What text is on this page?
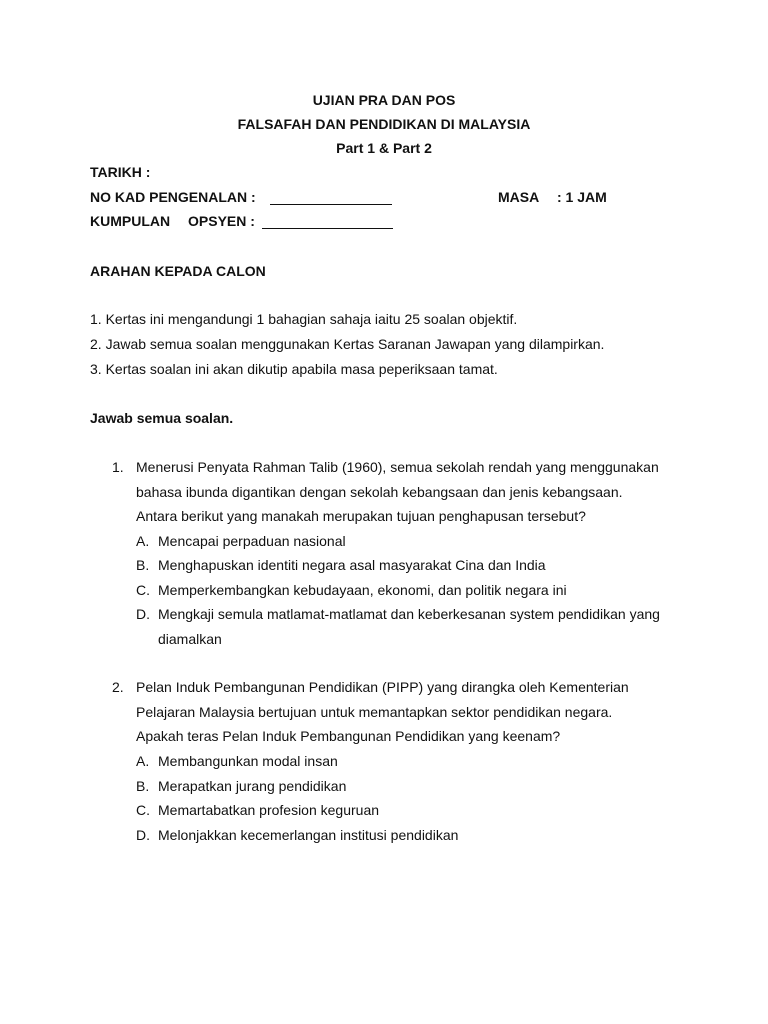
UJIAN PRA DAN POS
FALSAFAH DAN PENDIDIKAN DI MALAYSIA
Part 1 & Part 2
TARIKH :
NO KAD PENGENALAN :	MASA : 1 JAM
KUMPULAN OPSYEN :
ARAHAN KEPADA CALON
1. Kertas ini mengandungi 1 bahagian sahaja iaitu 25 soalan objektif.
2. Jawab semua soalan menggunakan Kertas Saranan Jawapan yang dilampirkan.
3. Kertas soalan ini akan dikutip apabila masa peperiksaan tamat.
Jawab semua soalan.
1. Menerusi Penyata Rahman Talib (1960), semua sekolah rendah yang menggunakan
bahasa ibunda digantikan dengan sekolah kebangsaan dan jenis kebangsaan.
Antara berikut yang manakah merupakan tujuan penghapusan tersebut?
A. Mencapai perpaduan nasional
B. Menghapuskan identiti negara asal masyarakat Cina dan India
C. Memperkembangkan kebudayaan, ekonomi, dan politik negara ini
D. Mengkaji semula matlamat-matlamat dan keberkesanan system pendidikan yang
diamalkan
2. Pelan Induk Pembangunan Pendidikan (PIPP) yang dirangka oleh Kementerian
Pelajaran Malaysia bertujuan untuk memantapkan sektor pendidikan negara.
Apakah teras Pelan Induk Pembangunan Pendidikan yang keenam?
A. Membangunkan modal insan
B. Merapatkan jurang pendidikan
C. Memartabatkan profesion keguruan
D. Melonjakkan kecemerlangan institusi pendidikan
